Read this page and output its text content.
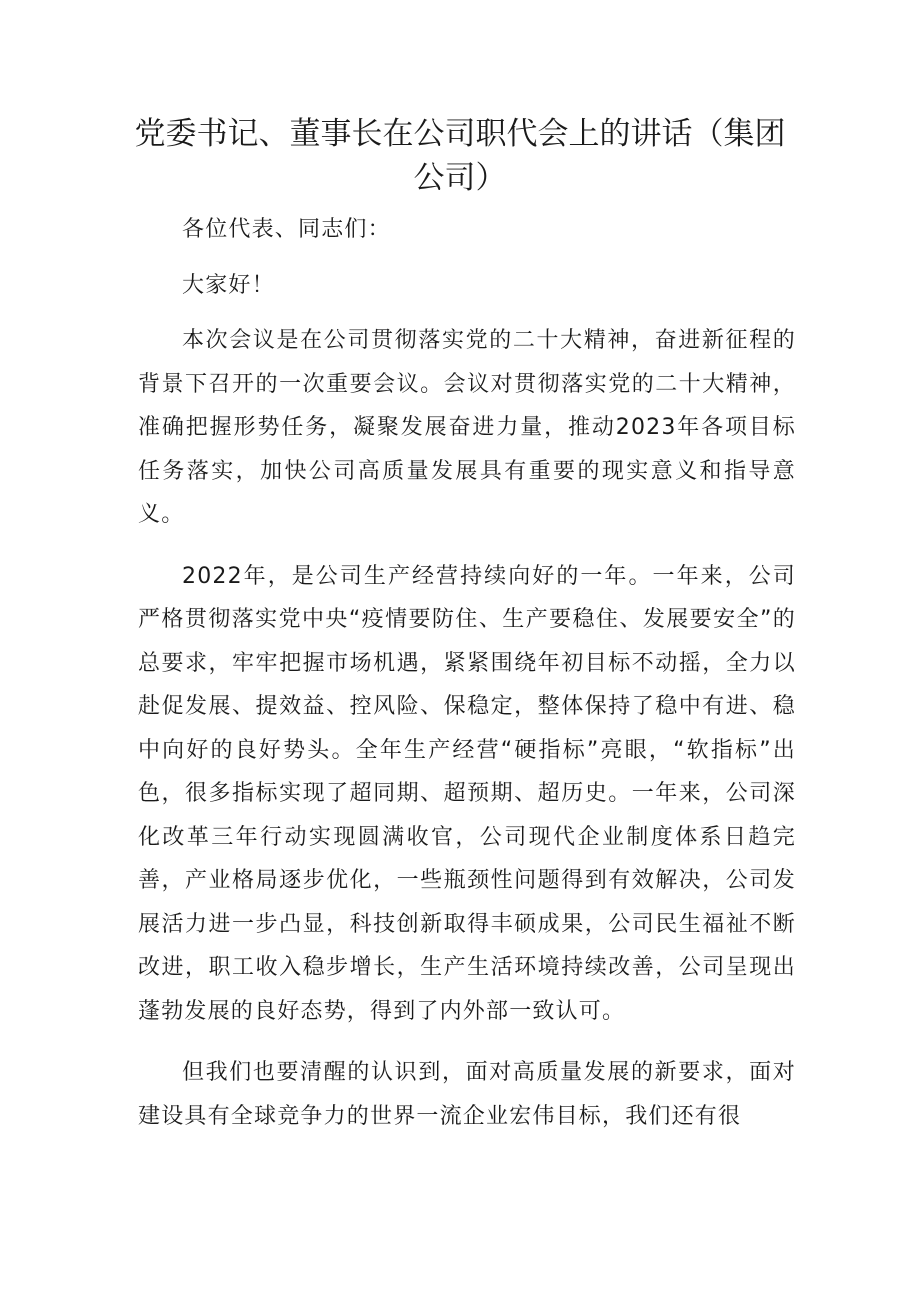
党委书记、董事长在公司职代会上的讲话（集团公司）

各位代表、同志们：

大家好！

本次会议是在公司贯彻落实党的二十大精神，奋进新征程的背景下召开的一次重要会议。会议对贯彻落实党的二十大精神，准确把握形势任务，凝聚发展奋进力量，推动2023年各项目标任务落实，加快公司高质量发展具有重要的现实意义和指导意义。

2022年，是公司生产经营持续向好的一年。一年来，公司严格贯彻落实党中央“疫情要防住、生产要稳住、发展要安全”的总要求，牢牢把握市场机遇，紧紧围绕年初目标不动摇，全力以赴促发展、提效益、控风险、保稳定，整体保持了稳中有进、稳中向好的良好势头。全年生产经营“硬指标”亮眼，“软指标”出色，很多指标实现了超同期、超预期、超历史。一年来，公司深化改革三年行动实现圆满收官，公司现代企业制度体系日趋完善，产业格局逐步优化，一些瓶颈性问题得到有效解决，公司发展活力进一步凸显，科技创新取得丰硕成果，公司民生福祉不断改进，职工收入稳步增长，生产生活环境持续改善，公司呈现出蓬勃发展的良好态势，得到了内外部一致认可。

但我们也要清醒的认识到，面对高质量发展的新要求，面对建设具有全球竞争力的世界一流企业宏伟目标，我们还有很
